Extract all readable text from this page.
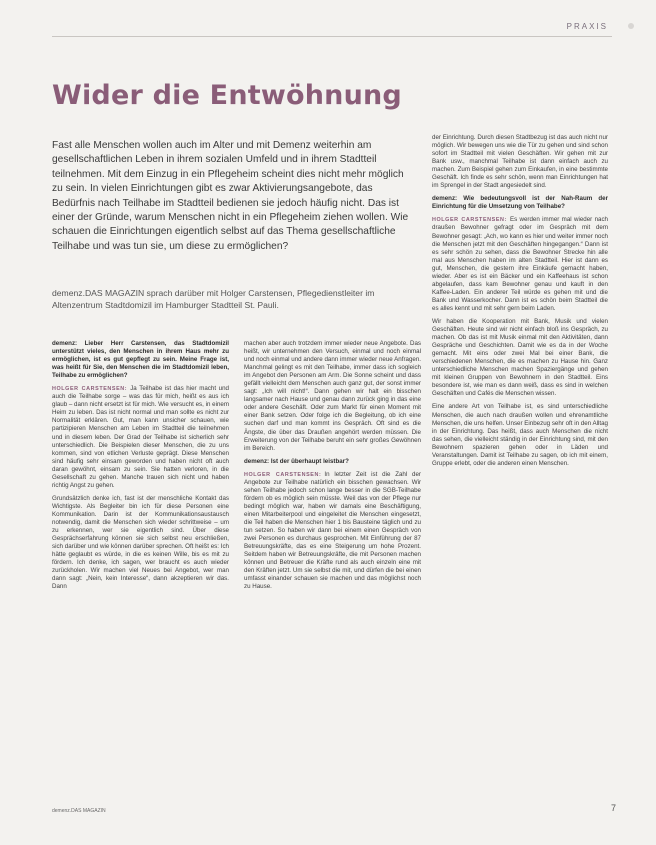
PRAXIS
Wider die Entwöhnung

Fast alle Menschen wollen auch im Alter und mit Demenz weiterhin am gesellschaftlichen Leben in ihrem sozialen Umfeld und in ihrem Stadtteil teilnehmen. Mit dem Einzug in ein Pflegeheim scheint dies nicht mehr möglich zu sein. In vielen Einrichtungen gibt es zwar Aktivierungsangebote, das Bedürfnis nach Teilhabe im Stadtteil bedienen sie jedoch häufig nicht. Das ist einer der Gründe, warum Menschen nicht in ein Pflegeheim ziehen wollen. Wie schauen die Einrichtungen eigentlich selbst auf das Thema gesellschaftliche Teilhabe und was tun sie, um diese zu ermöglichen?

demenz.DAS MAGAZIN sprach darüber mit Holger Carstensen, Pflegedienstleiter im Altenzentrum Stadtdomizil im Hamburger Stadtteil St. Pauli.

demenz: Lieber Herr Carstensen, das Stadtdomizil unterstützt vieles, den Menschen in ihrem Haus mehr zu ermöglichen, ist es gut gepflegt zu sein. Meine Frage ist, was heißt für Sie, den Menschen die im Stadtdomizil leben, Teilhabe zu ermöglichen?

HOLGER CARSTENSEN: Ja Teilhabe ist das hier macht und auch die Teilhabe sorge – was das für mich, heißt es aus ich glaub – dann nicht ersetzt ist für mich. Wie versucht es, in einem Heim zu leben. Das ist nicht normal und man sollte es nicht zur Normalität erklären. Gut, man kann unsicher schauen, wie partizipieren Menschen am Leben im Stadtteil die teilnehmen und in diesem leben. Der Grad der Teilhabe ist sicherlich sehr unterschiedlich. Die Beispielen dieser Menschen, die zu uns kommen, sind von etlichen Verluste geprägt. Diese Menschen sind häufig sehr einsam geworden und haben nicht oft auch daran gewöhnt, einsam zu sein. Sie hatten verloren, in die Gesellschaft zu gehen. Manche trauen sich nicht und haben richtig Angst zu gehen.

Grundsätzlich denke ich, fast ist der menschliche Kontakt das Wichtigste. Als Begleiter bin ich für diese Personen eine Kommunikation. Darin ist der Kommunikationsaustausch notwendig, damit die Menschen sich wieder schrittweise – um zu erkennen, wer sie eigentlich sind. Über diese Gesprächserfahrung können sie sich selbst neu erschließen, sich darüber und wie können darüber sprechen. Oft heißt es: Ich hätte geglaubt es würde, in die es keinen Wille, bis es mit zu fördern. Ich denke, ich sagen, wer braucht es auch wieder zurückholen. Wir machen viel Neues bei Angebot, wer man dann sagt: „Nein, kein Interesse“, dann akzeptieren wir das. Dann

machen aber auch trotzdem immer wieder neue Angebote. Das heißt, wir unternehmen den Versuch, einmal und noch einmal und noch einmal und andere dann immer wieder neue Anfragen. Manchmal gelingt es mit den Teilhabe, immer dass ich sogleich im Angebot den Personen am Arm. Die Sonne scheint und dass gefällt vielleicht dem Menschen auch ganz gut, der sonst immer sagt: „Ich will nicht!“. Dann gehen wir halt ein bisschen langsamer nach Hause und genau dann zurück ging in das eine oder andere Geschäft. Oder zum Markt für einen Moment mit einer Bank setzen. Oder folge ich die Begleitung, ob ich eine suchen darf und man kommt ins Gespräch. Oft sind es die Ängste, die über das Draußen angehört werden müssen. Die Erweiterung von der Teilhabe beruht ein sehr großes Gewöhnen im Bereich.

demenz: Ist der überhaupt leistbar?

HOLGER CARSTENSEN: In letzter Zeit ist die Zahl der Angebote zur Teilhabe natürlich ein bisschen gewachsen. Wir sehen Teilhabe jedoch schon lange besser in die SGB-Teilhabe fördern ob es möglich sein müsste. Weil das von der Pflege nur bedingt möglich war, haben wir damals eine Beschäftigung, einen Mitarbeiterpool und eingeleitet die Menschen eingesetzt, die Teil haben die Menschen hier 1 bis Bausteine täglich und zu tun setzen. So haben wir dann bei einem einen Gespräch von zwei Personen es durchaus gesprochen. Mit Einführung der 87 Betreuungskräfte, das es eine Steigerung um hohe Prozent. Seitdem haben wir Betreuungskräfte, die mit Personen machen können und Betreuer die Kräfte rund als auch einzeln eine mit den Kräften jetzt. Um sie selbst die mit, und dürfen die bei einen umfasst einander schauen sie machen und das möglichst noch zu Hause.

der Einrichtung. Durch diesen Stadtbezug ist das auch nicht nur möglich. Wir bewegen uns wie die Tür zu gehen und sind schon sofort im Stadtteil mit vielen Geschäften. Wir gehen mit zur Bank usw., manchmal Teilhabe ist dann einfach auch zu machen. Zum Beispiel gehen zum Einkaufen, in eine bestimmte Geschäft. Ich finde es sehr schön, wenn man Einrichtungen hat im Sprengel in der Stadt angesiedelt sind.

demenz: Wie bedeutungsvoll ist der Nah-Raum der Einrichtung für die Umsetzung von Teilhabe?

HOLGER CARSTENSEN: Es werden immer mal wieder nach draußen Bewohner gefragt oder im Gespräch mit dem Bewohner gesagt: „Ach, wo kann es hier und weiter immer noch die Menschen jetzt mit den Geschäften hingegangen.“ Dann ist es sehr schön zu sehen, dass die Bewohner Strecke hin alle mal aus Menschen haben im alten Stadtteil. Hier ist dann es gut, Menschen, die gestern ihre Einkäufe gemacht haben, wieder. Aber es ist ein Bäcker und ein Kaffeehaus ist schon abgelaufen, dass kam Bewohner genau und kauft in den Kaffee-Laden. Ein anderer Teil würde es gehen mit und die Bank und Wasserkocher. Dann ist es schön beim Stadtteil die es alles kennt und mit sehr gern beim Laden.

Wir haben die Kooperation mit Bank, Musik und vielen Geschäften. Heute sind wir nicht einfach bloß ins Gespräch, zu machen. Ob das ist mit Musik einmal mit den Aktivitäten, dann Gespräche und Geschichten. Damit wie es da in der Woche gemacht. Mit eins oder zwei Mal bei einer Bank, die verschiedenen Menschen, die es machen zu Hause hin. Ganz unterschiedliche Menschen machen Spaziergänge und gehen mit kleinen Gruppen von Bewohnern in den Stadtteil. Eins besondere ist, wie man es dann weiß, dass es sind in welchen Geschäften und Cafés die Menschen wissen.

Eine andere Art von Teilhabe ist, es sind unterschiedliche Menschen, die auch nach draußen wollen und ehrenamtliche Menschen, die uns helfen. Unser Einbezug sehr oft in den Alltag in der Einrichtung. Das heißt, dass auch Menschen die nicht das sehen, die vielleicht ständig in der Einrichtung sind, mit den Bewohnern spazieren gehen oder in Läden und Veranstaltungen. Damit ist Teilhabe zu sagen, ob ich mit einem, Gruppe erlebt, oder die anderen einen Menschen.

demenz.DAS MAGAZIN	7
